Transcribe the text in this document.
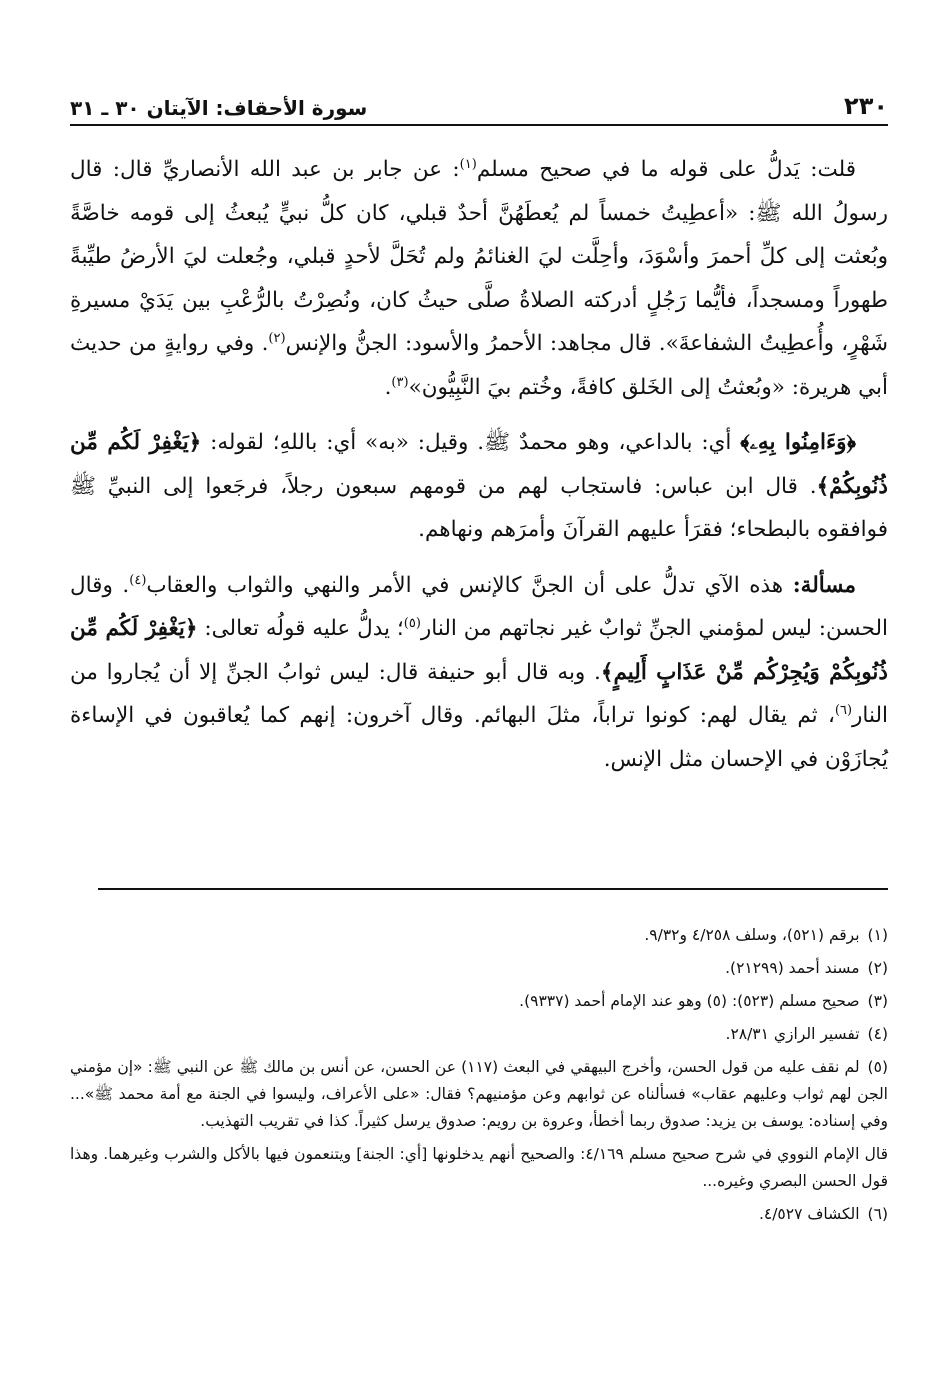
٢٣٠
سورة الأحقاف: الآيتان ٣٠ ـ ٣١

قلت: يَدلُّ على قوله ما في صحيح مسلم$^{(١)}$: عن جابر بن عبد الله الأنصاريِّ قال: قال رسولُ الله ﷺ: «أعطِيتُ خمساً لم يُعطَهُنَّ أحدٌ قبلي، كان كلُّ نبيٍّ يُبعثُ إلى قومه خاصَّةً وبُعثت إلى كلِّ أحمرَ وأسْوَدَ، وأحِلَّت ليَ الغنائمُ ولم تُحَلَّ لأحدٍ قبلي، وجُعلت ليَ الأرضُ طيِّبةً طهوراً ومسجداً، فأيُّما رَجُلٍ أدركته الصلاةُ صلَّى حيثُ كان، ونُصِرْتُ بالرُّعْبِ بين يَدَيْ مسيرةِ شَهْرٍ، وأُعطِيتُ الشفاعةَ». قال مجاهد: الأحمرُ والأسود: الجنُّ والإنس$^{(٢)}$. وفي روايةٍ من حديث أبي هريرة: «وبُعثتُ إلى الخَلق كافةً، وخُتم بيَ النَّبِيُّون»$^{(٣)}$.

﴿وَءَامِنُوا بِهِۦ﴾ أي: بالداعي، وهو محمدٌ ﷺ. وقيل: «به» أي: باللهِ؛ لقوله: ﴿يَغْفِرْ لَكُم مِّن ذُنُوبِكُمْ﴾. قال ابن عباس: فاستجاب لهم من قومهم سبعون رجلاً، فرجَعوا إلى النبيِّ ﷺ فوافقوه بالبطحاء؛ فقرَأ عليهم القرآنَ وأمرَهم ونهاهم.

مسألة: هذه الآي تدلُّ على أن الجنَّ كالإنس في الأمر والنهي والثواب والعقاب$^{(٤)}$. وقال الحسن: ليس لمؤمني الجنِّ ثوابٌ غير نجاتهم من النار$^{(٥)}$؛ يدلُّ عليه قولُه تعالى: ﴿يَغْفِرْ لَكُم مِّن ذُنُوبِكُمْ وَيُجِرْكُم مِّنْ عَذَابٍ أَلِيمٍ﴾. وبه قال أبو حنيفة قال: ليس ثوابُ الجنِّ إلا أن يُجاروا من النار$^{(٦)}$، ثم يقال لهم: كونوا تراباً، مثلَ البهائم. وقال آخرون: إنهم كما يُعاقبون في الإساءة يُجازَوْن في الإحسان مثل الإنس.

(١)برقم (٥٢١)، وسلف ٤/٢٥٨ و٩/٣٢.
(٢)مسند أحمد (٢١٢٩٩).
(٣)صحيح مسلم (٥٢٣): (٥) وهو عند الإمام أحمد (٩٣٣٧).
(٤)تفسير الرازي ٢٨/٣١.
(٥)لم نقف عليه من قول الحسن، وأخرج البيهقي في البعث (١١٧) عن الحسن، عن أنس بن مالك ﷺ عن النبي ﷺ: «إن مؤمني الجن لهم ثواب وعليهم عقاب» فسألناه عن ثوابهم وعن مؤمنيهم؟ فقال: «على الأعراف، وليسوا في الجنة مع أمة محمد ﷺ»... وفي إسناده: يوسف بن يزيد: صدوق ربما أخطأ، وعروة بن رويم: صدوق يرسل كثيراً. كذا في تقريب التهذيب.
قال الإمام النووي في شرح صحيح مسلم ٤/١٦٩: والصحيح أنهم يدخلونها [أي: الجنة] ويتنعمون فيها بالأكل والشرب وغيرهما. وهذا قول الحسن البصري وغيره...
(٦)الكشاف ٤/٥٢٧.
